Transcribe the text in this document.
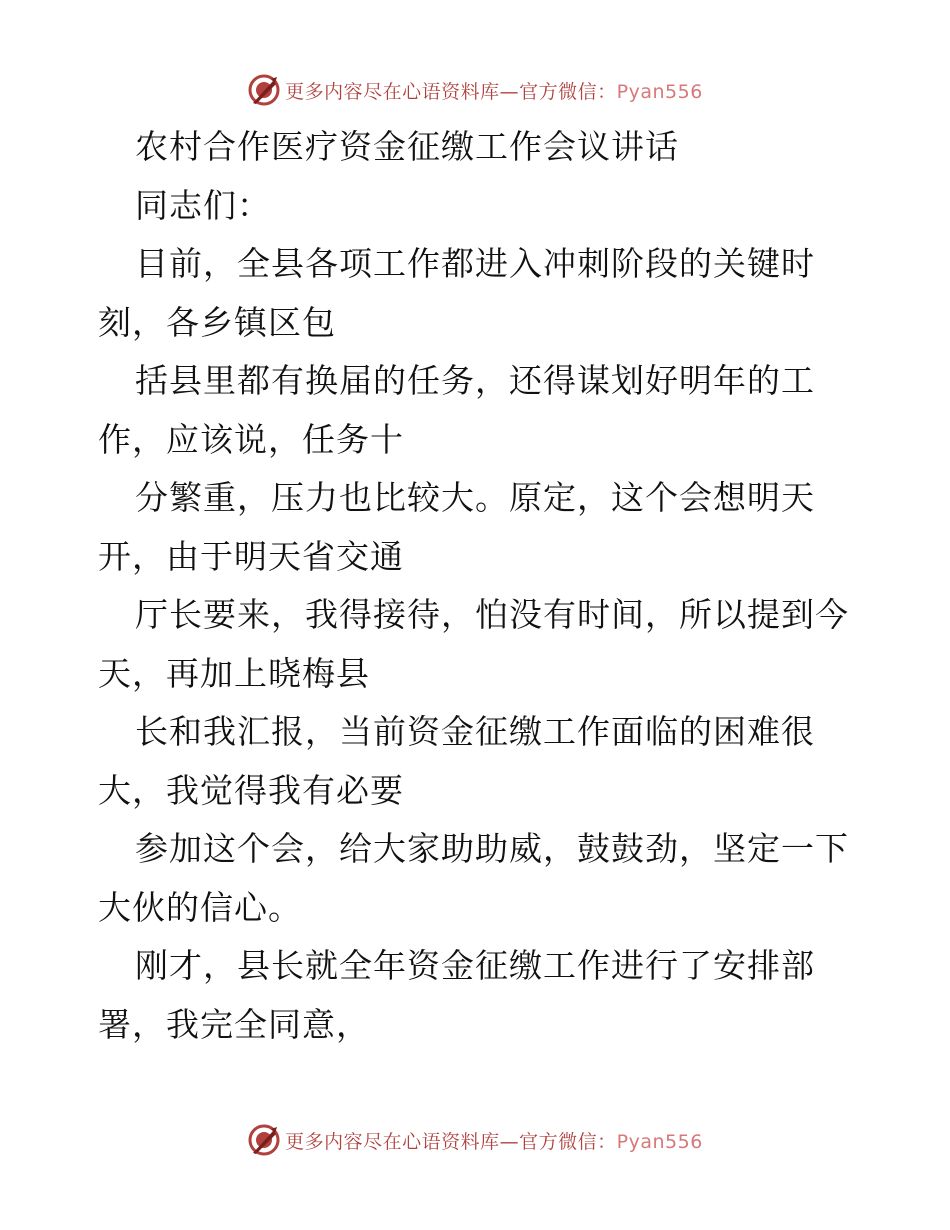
更多内容尽在心语资料库—官方微信：Pyan556
农村合作医疗资金征缴工作会议讲话
同志们：
目前，全县各项工作都进入冲刺阶段的关键时
刻，各乡镇区包
括县里都有换届的任务，还得谋划好明年的工
作，应该说，任务十
分繁重，压力也比较大。原定，这个会想明天
开，由于明天省交通
厅长要来，我得接待，怕没有时间，所以提到今
天，再加上晓梅县
长和我汇报，当前资金征缴工作面临的困难很
大，我觉得我有必要
参加这个会，给大家助助威，鼓鼓劲，坚定一下
大伙的信心。
刚才，县长就全年资金征缴工作进行了安排部
署，我完全同意，
更多内容尽在心语资料库—官方微信：Pyan556
